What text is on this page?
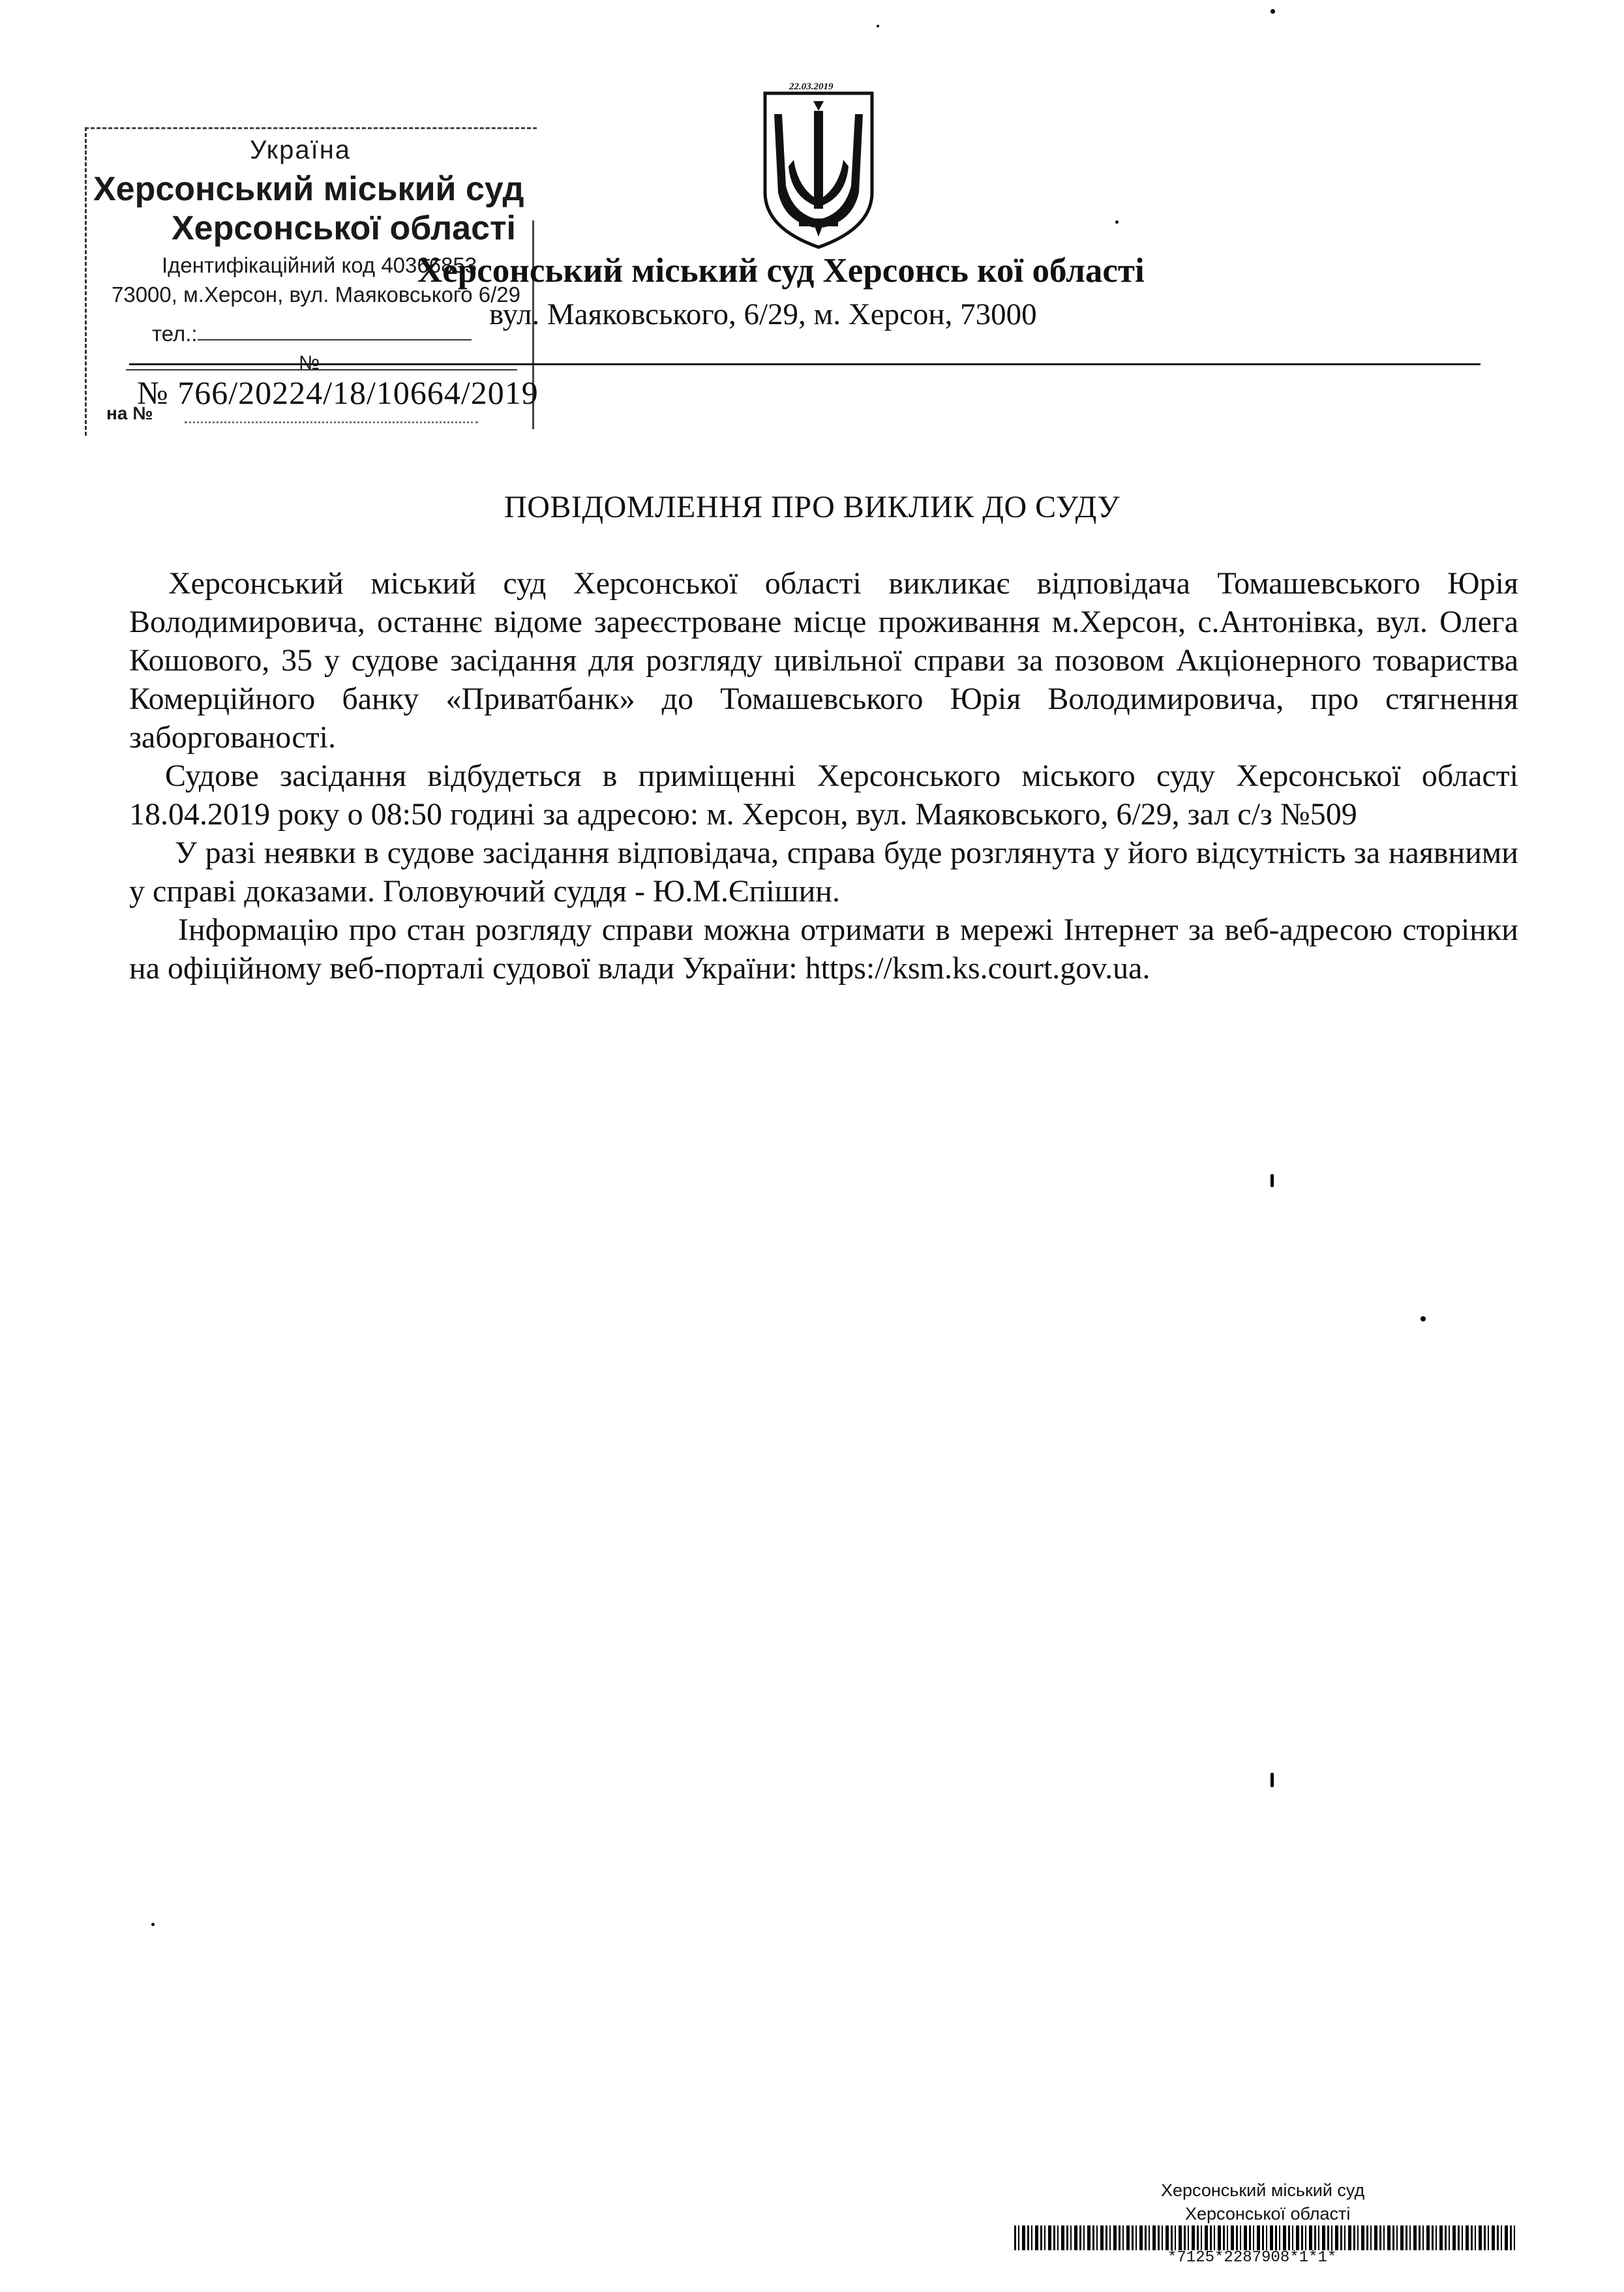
Україна
Херсонський міський суд
Херсонської області
Ідентифікаційний код 40366853
73000, м.Херсон, вул. Маяковського 6/29
тел.:
№
на №
22.03.2019
Херсонський міський суд Херсонсь кої області
вул. Маяковського, 6/29, м. Херсон, 73000
№ 766/20224/18/10664/2019
ПОВІДОМЛЕННЯ ПРО ВИКЛИК ДО СУДУ

Херсонський міський суд Херсонської області викликає відповідача Томашевського Юрія Володимировича, останнє відоме зареєстроване місце проживання м.Херсон, с.Антонівка, вул. Олега Кошового, 35 у судове засідання для розгляду цивільної справи за позовом Акціонерного товариства Комерційного банку «Приватбанк» до Томашевського Юрія Володимировича, про стягнення заборгованості.

Судове засідання відбудеться в приміщенні Херсонського міського суду Херсонської області 18.04.2019 року о 08:50 годині за адресою: м. Херсон, вул. Маяковського, 6/29, зал с/з №509

У разі неявки в судове засідання відповідача, справа буде розглянута у його відсутність за наявними у справі доказами. Головуючий суддя - Ю.М.Єпішин.

Інформацію про стан розгляду справи можна отримати в мережі Інтернет за веб-адресою сторінки на офіційному веб-порталі судової влади України: https://ksm.ks.court.gov.ua.

Херсонський міський суд
Херсонської області
*7125*2287908*1*1*
